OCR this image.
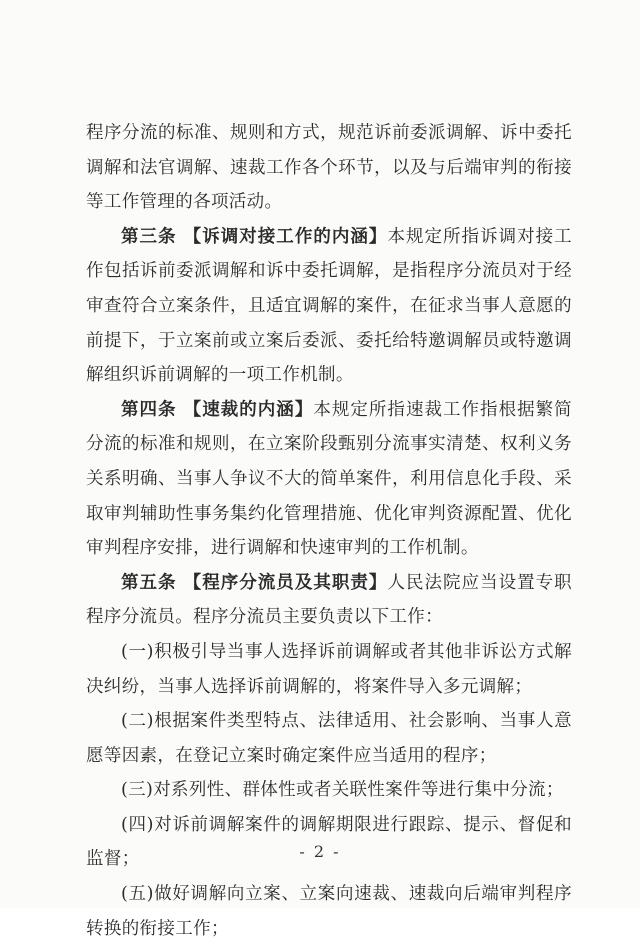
程序分流的标准、规则和方式，规范诉前委派调解、诉中委托调解和法官调解、速裁工作各个环节，以及与后端审判的衔接等工作管理的各项活动。

第三条 【诉调对接工作的内涵】本规定所指诉调对接工作包括诉前委派调解和诉中委托调解，是指程序分流员对于经审查符合立案条件，且适宜调解的案件，在征求当事人意愿的前提下，于立案前或立案后委派、委托给特邀调解员或特邀调解组织诉前调解的一项工作机制。

第四条 【速裁的内涵】本规定所指速裁工作指根据繁简分流的标准和规则，在立案阶段甄别分流事实清楚、权利义务关系明确、当事人争议不大的简单案件，利用信息化手段、采取审判辅助性事务集约化管理措施、优化审判资源配置、优化审判程序安排，进行调解和快速审判的工作机制。

第五条 【程序分流员及其职责】人民法院应当设置专职程序分流员。程序分流员主要负责以下工作：

(一)积极引导当事人选择诉前调解或者其他非诉讼方式解决纠纷，当事人选择诉前调解的，将案件导入多元调解；

(二)根据案件类型特点、法律适用、社会影响、当事人意愿等因素，在登记立案时确定案件应当适用的程序；

(三)对系列性、群体性或者关联性案件等进行集中分流；

(四)对诉前调解案件的调解期限进行跟踪、提示、督促和监督；

(五)做好调解向立案、立案向速裁、速裁向后端审判程序转换的衔接工作；

- 2 -
